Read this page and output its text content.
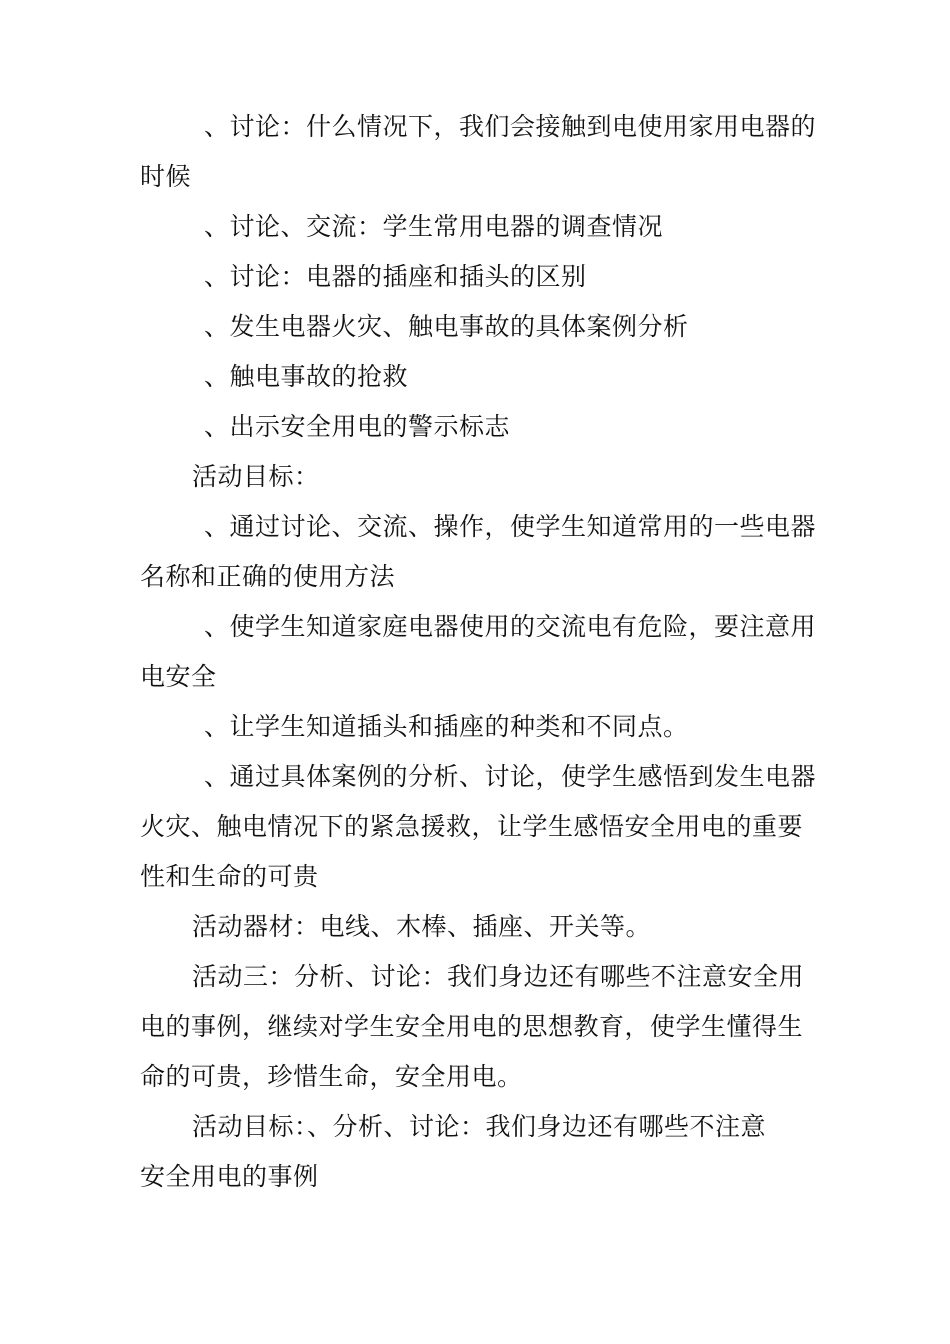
、讨论：什么情况下，我们会接触到电使用家用电器的时候

、讨论、交流：学生常用电器的调查情况

、讨论：电器的插座和插头的区别

、发生电器火灾、触电事故的具体案例分析

、触电事故的抢救

、出示安全用电的警示标志

活动目标：

、通过讨论、交流、操作，使学生知道常用的一些电器名称和正确的使用方法

、使学生知道家庭电器使用的交流电有危险，要注意用电安全

、让学生知道插头和插座的种类和不同点。

、通过具体案例的分析、讨论，使学生感悟到发生电器火灾、触电情况下的紧急援救，让学生感悟安全用电的重要性和生命的可贵

活动器材：电线、木棒、插座、开关等。

活动三：分析、讨论：我们身边还有哪些不注意安全用电的事例，继续对学生安全用电的思想教育，使学生懂得生命的可贵，珍惜生命，安全用电。

活动目标：、分析、讨论：我们身边还有哪些不注意安全用电的事例
